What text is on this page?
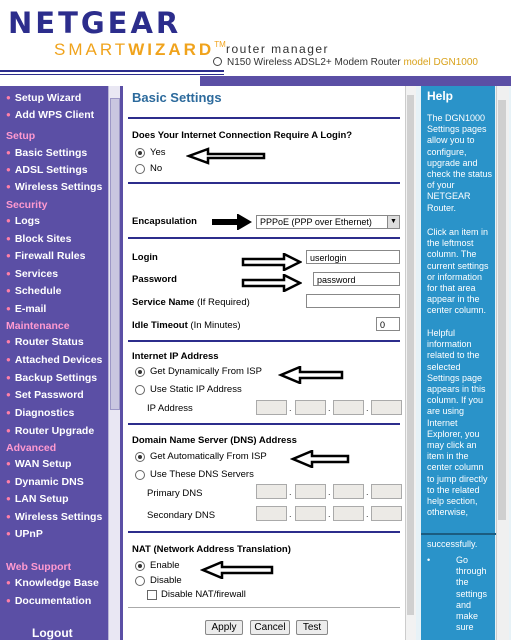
NETGEAR
SMARTWIZARD™ router manager
N150 Wireless ADSL2+ Modem Router model DGN1000
● Setup Wizard
● Add WPS Client
Setup
● Basic Settings
● ADSL Settings
● Wireless Settings
Security
● Logs
● Block Sites
● Firewall Rules
● Services
● Schedule
● E-mail
Maintenance
● Router Status
● Attached Devices
● Backup Settings
● Set Password
● Diagnostics
● Router Upgrade
Advanced
● WAN Setup
● Dynamic DNS
● LAN Setup
● Wireless Settings
● UPnP
Web Support
● Knowledge Base
● Documentation
Logout
Basic Settings
Does Your Internet Connection Require A Login?
Yes
No
Encapsulation	PPPoE (PPP over Ethernet)	▼
Login	userlogin
Password	password
Service Name (If Required)
Idle Timeout (In Minutes)	0
Internet IP Address
Get Dynamically From ISP
Use Static IP Address
IP Address	.	.	.
Domain Name Server (DNS) Address
Get Automatically From ISP
Use These DNS Servers
Primary DNS	.	.	.
Secondary DNS	.	.	.
NAT (Network Address Translation)
Enable
Disable
Disable NAT/firewall
Apply	Cancel	Test
Help
The DGN1000 Settings pages allow you to configure, upgrade and check the status of your NETGEAR Router.
Click an item in the leftmost column. The current settings or information for that area appear in the center column.
Helpful information related to the selected Settings page appears in this column. If you are using Internet Explorer, you may click an item in the center column to jump directly to the related help section, otherwise,
successfully.
•	Go through the settings and make sure
